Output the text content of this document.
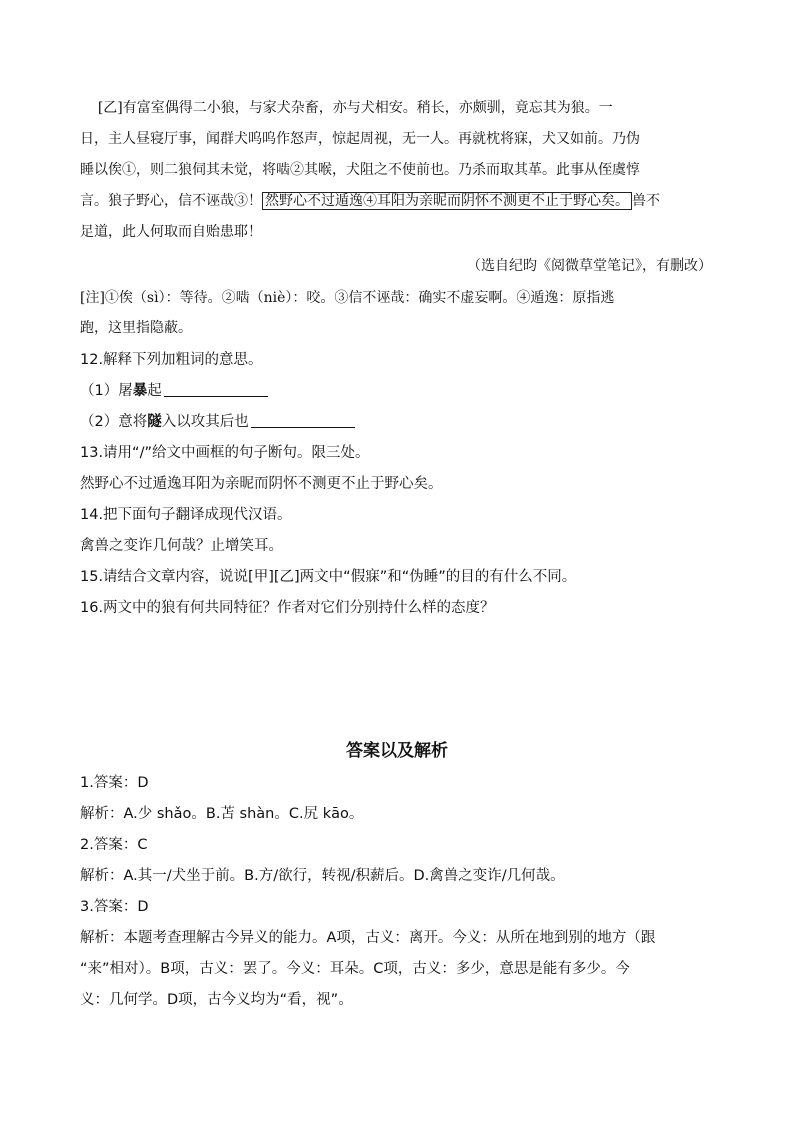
[乙]有富室偶得二小狼，与家犬杂畜，亦与犬相安。稍长，亦颇驯，竟忘其为狼。一
日，主人昼寝厅事，闻群犬呜呜作怒声，惊起周视，无一人。再就枕将寐，犬又如前。乃伪
睡以俟①，则二狼伺其未觉，将啮②其喉，犬阻之不使前也。乃杀而取其革。此事从侄虞惇
言。狼子野心，信不诬哉③！ 然野心不过遁逸④耳阳为亲昵而阴怀不测更不止于野心矣。 兽不
足道，此人何取而自贻患耶！
（选自纪昀《阅微草堂笔记》，有删改）
[注]①俟（sì）：等待。②啮（niè）：咬。③信不诬哉：确实不虚妄啊。④遁逸：原指逃
跑，这里指隐蔽。
12.解释下列加粗词的意思。
（1）屠暴起
（2）意将隧入以攻其后也
13.请用“/”给文中画框的句子断句。限三处。
然野心不过遁逸耳阳为亲昵而阴怀不测更不止于野心矣。
14.把下面句子翻译成现代汉语。
禽兽之变诈几何哉？止增笑耳。
15.请结合文章内容，说说[甲][乙]两文中“假寐”和“伪睡”的目的有什么不同。
16.两文中的狼有何共同特征？作者对它们分别持什么样的态度？
答案以及解析
1.答案：D
解析：A.少 shǎo。B.苫 shàn。C.尻 kāo。
2.答案：C
解析：A.其一/犬坐于前。B.方/欲行，转视/积薪后。D.禽兽之变诈/几何哉。
3.答案：D
解析：本题考查理解古今异义的能力。A项，古义：离开。今义：从所在地到别的地方（跟
“来”相对）。B项，古义：罢了。今义：耳朵。C项，古义：多少，意思是能有多少。今
义：几何学。D项，古今义均为“看，视”。
